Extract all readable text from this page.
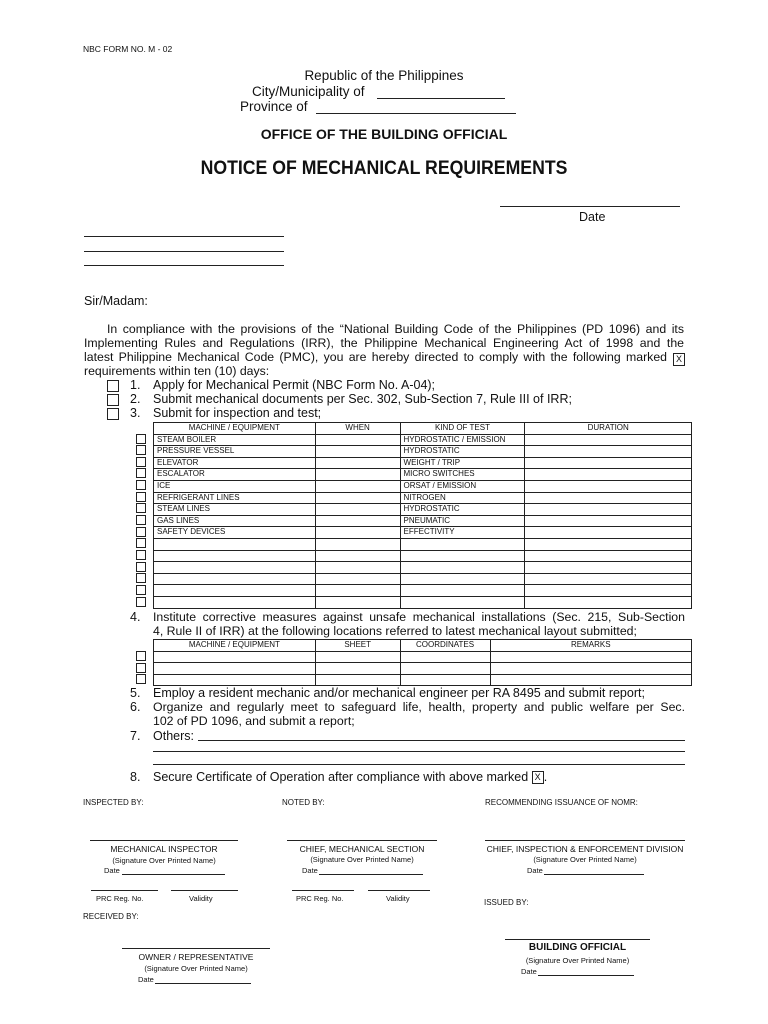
NBC FORM NO. M - 02
Republic of the Philippines
City/Municipality of
Province of
OFFICE OF THE BUILDING OFFICIAL
NOTICE OF MECHANICAL REQUIREMENTS
Date
Sir/Madam:
In compliance with the provisions of the “National Building Code of the Philippines (PD 1096) and its
Implementing Rules and Regulations (IRR), the Philippine Mechanical Engineering Act of 1998 and the
latest Philippine Mechanical Code (PMC), you are hereby directed to comply with the following marked	X
requirements within ten (10) days:
1. Apply for Mechanical Permit (NBC Form No. A-04);
2. Submit mechanical documents per Sec. 302, Sub-Section 7, Rule III of IRR;
3. Submit for inspection and test;
MACHINE / EQUIPMENT	WHEN	KIND OF TEST	DURATION
STEAM BOILER		HYDROSTATIC / EMISSION	
PRESSURE VESSEL		HYDROSTATIC	
ELEVATOR		WEIGHT / TRIP	
ESCALATOR		MICRO SWITCHES	
ICE		ORSAT / EMISSION	
REFRIGERANT LINES		NITROGEN	
STEAM LINES		HYDROSTATIC	
GAS LINES		PNEUMATIC	
SAFETY DEVICES		EFFECTIVITY	

4. Institute corrective measures against unsafe mechanical installations (Sec. 215, Sub-Section
4, Rule II of IRR) at the following locations referred to latest mechanical layout submitted;
MACHINE / EQUIPMENT	SHEET	COORDINATES	REMARKS

5. Employ a resident mechanic and/or mechanical engineer per RA 8495 and submit report;
6. Organize and regularly meet to safeguard life, health, property and public welfare per Sec.
102 of PD 1096, and submit a report;
7. Others:
8. Secure Certificate of Operation after compliance with above marked X .
INSPECTED BY:	NOTED BY:	RECOMMENDING ISSUANCE OF NOMR:
MECHANICAL INSPECTOR
(Signature Over Printed Name)
Date
PRC Reg. No.	Validity
CHIEF, MECHANICAL SECTION
(Signature Over Printed Name)
Date
PRC Reg. No.	Validity
CHIEF, INSPECTION & ENFORCEMENT DIVISION
(Signature Over Printed Name)
Date
ISSUED BY:
RECEIVED BY:
OWNER / REPRESENTATIVE
(Signature Over Printed Name)
Date
BUILDING OFFICIAL
(Signature Over Printed Name)
Date
